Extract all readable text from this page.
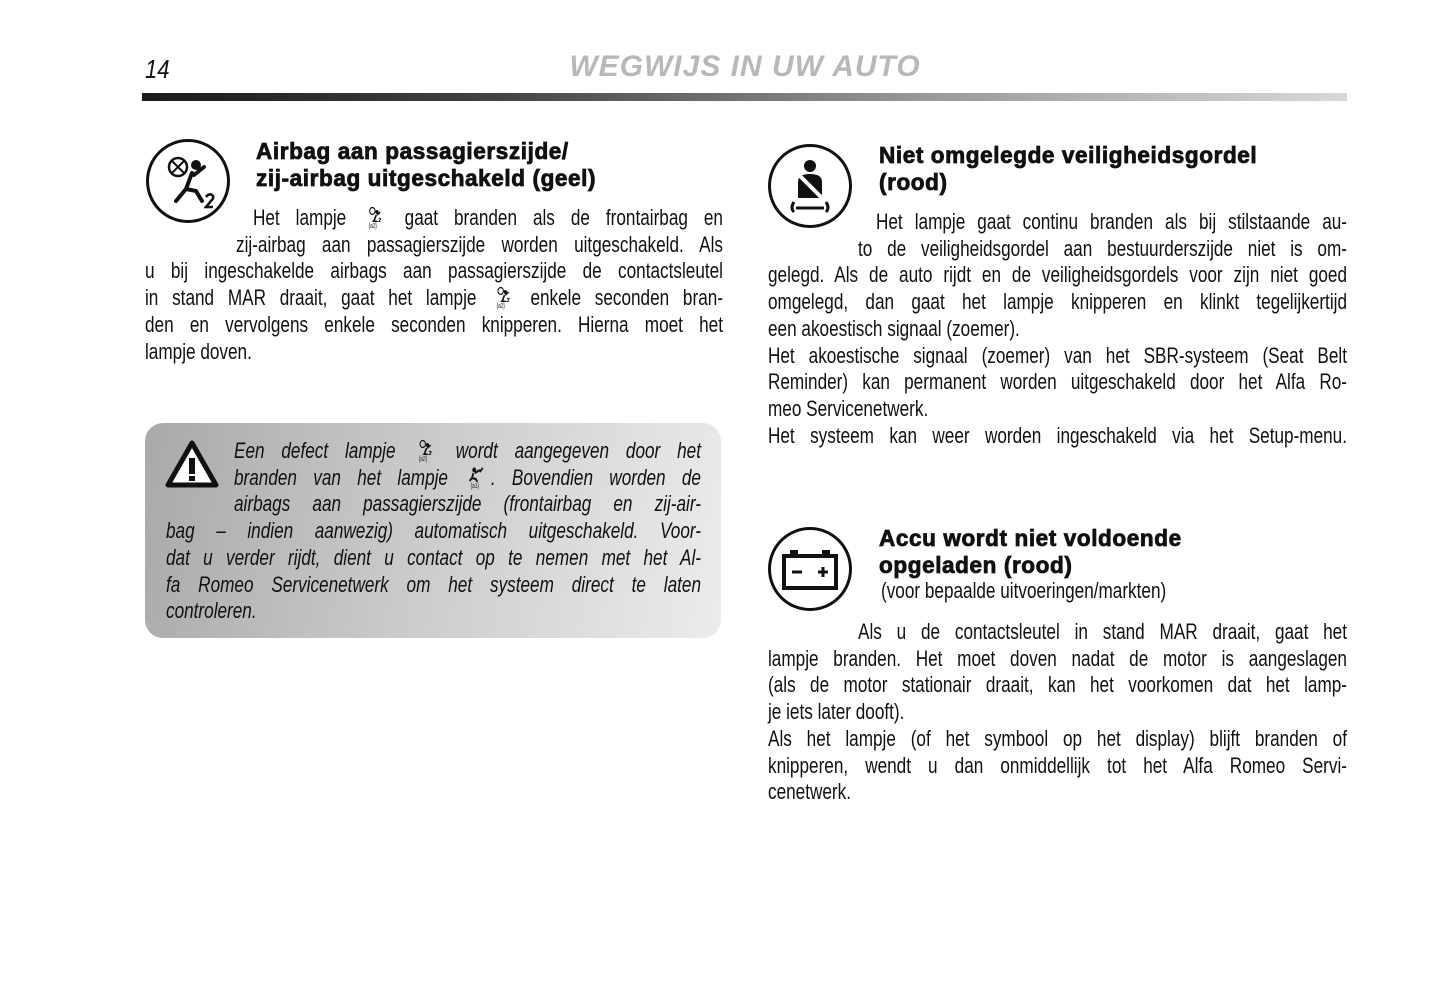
14	WEGWIJS IN UW AUTO
Airbag aan passagierszijde/
zij-airbag uitgeschakeld (geel)
Het lampje {a2} gaat branden als de frontairbag en
zij-airbag aan passagierszijde worden uitgeschakeld. Als
u bij ingeschakelde airbags aan passagierszijde de contactsleutel
in stand MAR draait, gaat het lampje {a2} enkele seconden bran-
den en vervolgens enkele seconden knipperen. Hierna moet het
lampje doven.
Een defect lampje {a2} wordt aangegeven door het
branden van het lampje {a1} . Bovendien worden de
airbags aan passagierszijde (frontairbag en zij-air-
bag – indien aanwezig) automatisch uitgeschakeld. Voor-
dat u verder rijdt, dient u contact op te nemen met het Al-
fa Romeo Servicenetwerk om het systeem direct te laten
controleren.
Niet omgelegde veiligheidsgordel
(rood)
Het lampje gaat continu branden als bij stilstaande au-
to de veiligheidsgordel aan bestuurderszijde niet is om-
gelegd. Als de auto rijdt en de veiligheidsgordels voor zijn niet goed
omgelegd, dan gaat het lampje knipperen en klinkt tegelijkertijd
een akoestisch signaal (zoemer).
Het akoestische signaal (zoemer) van het SBR-systeem (Seat Belt
Reminder) kan permanent worden uitgeschakeld door het Alfa Ro-
meo Servicenetwerk.
Het systeem kan weer worden ingeschakeld via het Setup-menu.
Accu wordt niet voldoende
opgeladen (rood)
(voor bepaalde uitvoeringen/markten)
Als u de contactsleutel in stand MAR draait, gaat het
lampje branden. Het moet doven nadat de motor is aangeslagen
(als de motor stationair draait, kan het voorkomen dat het lamp-
je iets later dooft).
Als het lampje (of het symbool op het display) blijft branden of
knipperen, wendt u dan onmiddellijk tot het Alfa Romeo Servi-
cenetwerk.
